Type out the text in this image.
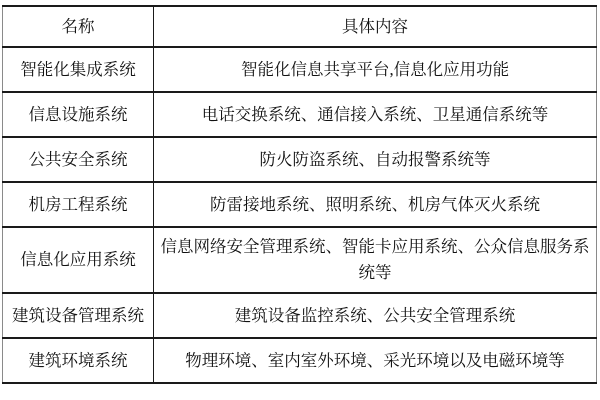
名称	具体内容
智能化集成系统	智能化信息共享平台,信息化应用功能
信息设施系统	电话交换系统、通信接入系统、卫星通信系统等
公共安全系统	防火防盗系统、自动报警系统等
机房工程系统	防雷接地系统、照明系统、机房气体灭火系统
信息化应用系统	信息网络安全管理系统、智能卡应用系统、公众信息服务系统等
建筑设备管理系统	建筑设备监控系统、公共安全管理系统
建筑环境系统	物理环境、室内室外环境、采光环境以及电磁环境等
